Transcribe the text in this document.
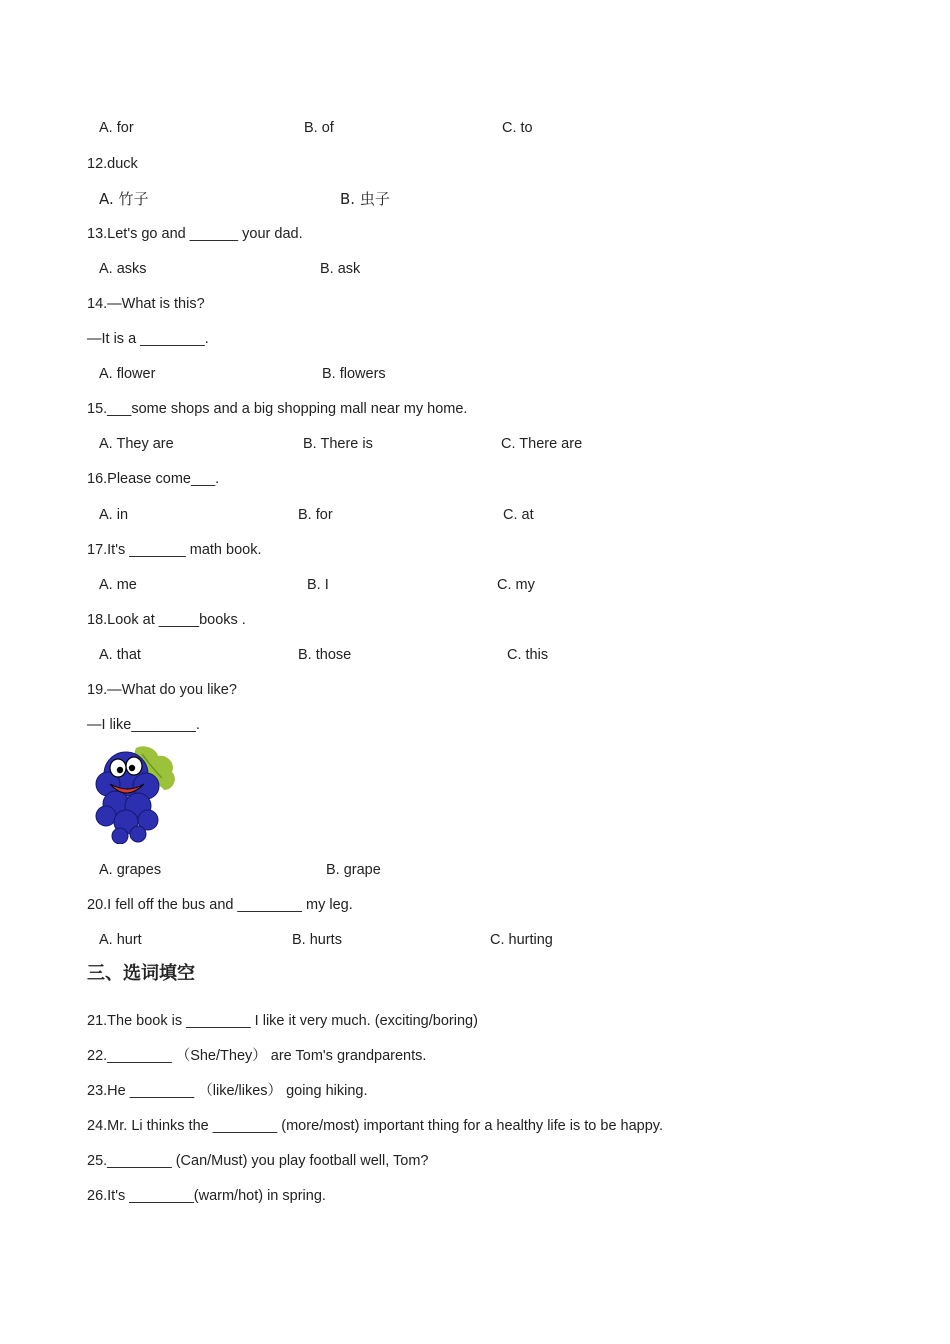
A. for	B. of	C. to
12.duck
A. 竹子	B. 虫子
13.Let's go and ______ your dad.
A. asks	B. ask
14.—What is this?
—It is a ________.
A. flower	B. flowers
15.___some shops and a big shopping mall near my home.
A. They are	B. There is	C. There are
16.Please come___.
A. in	B. for	C. at
17.It's _______ math book.
A. me	B. I	C. my
18.Look at _____books .
A. that	B. those	C. this
19.—What do you like?
—I like________.
A. grapes	B. grape
20.I fell off the bus and ________ my leg.
A. hurt	B. hurts	C. hurting
三、选词填空
21.The book is ________ I like it very much. (exciting/boring)
22.________ （She/They） are Tom's grandparents.
23.He ________ （like/likes） going hiking.
24.Mr. Li thinks the ________ (more/most) important thing for a healthy life is to be happy.
25.________ (Can/Must) you play football well, Tom?
26.It's ________(warm/hot) in spring.
